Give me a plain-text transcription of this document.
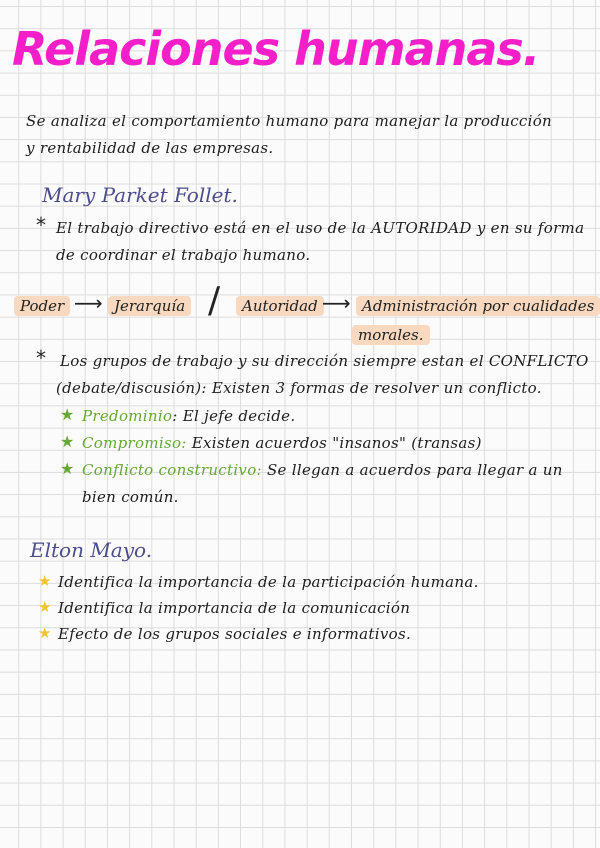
Relaciones humanas.
Se analiza el comportamiento humano para manejar la producción
y rentabilidad de las empresas.
Mary Parket Follet.
* El trabajo directivo está en el uso de la AUTORIDAD y en su forma
de coordinar el trabajo humano.
Poder ⟶ Jerarquía /	Autoridad ⟶ Administración por cualidades
morales.
* Los grupos de trabajo y su dirección siempre estan el CONFLICTO
(debate/discusión): Existen 3 formas de resolver un conflicto.
★ Predominio: El jefe decide.
★ Compromiso: Existen acuerdos "insanos" (transas)
★ Conflicto constructivo: Se llegan a acuerdos para llegar a un
bien común.
Elton Mayo.
★ Identifica la importancia de la participación humana.
★ Identifica la importancia de la comunicación
★ Efecto de los grupos sociales e informativos.
